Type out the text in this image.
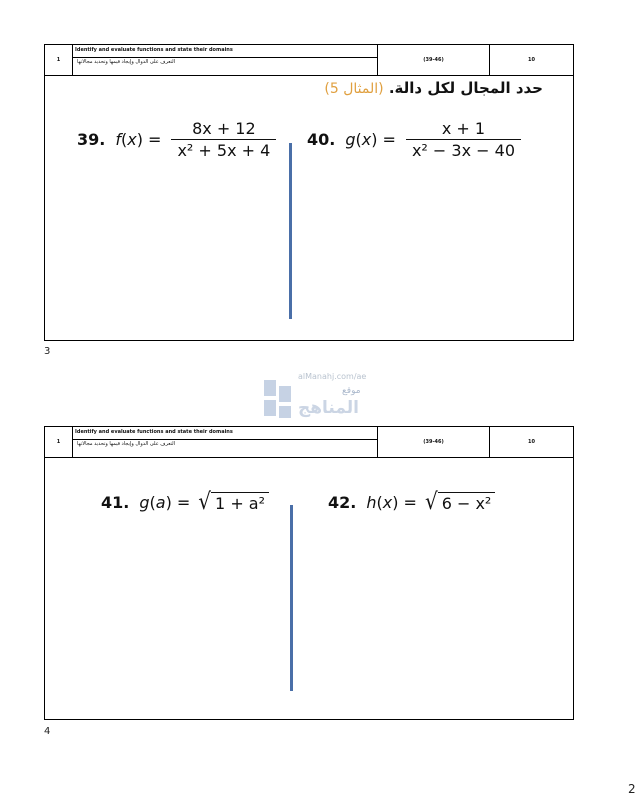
1
Identify and evaluate functions and state their domains
التعرف على الدوال وإيجاد قيمها وتحديد مجالاتها	(39-46)	10
حدد المجال لكل دالة. (المثال 5)
39. f ( x ) = $\frac{8x + 12}{\text{x² + 5x + 4}} 40$. g ( x ) = $\frac{x + 1}{\text{x² − 3x − 40}}$
3
alManahj.com/ae
موقع
المناهج
1
Identify and evaluate functions and state their domains
التعرف على الدوال وإيجاد قيمها وتحديد مجالاتها	(39-46)	10
41. g ( a ) = √ 1 + a²	42. h ( x ) = √ 6 − x²
4
2
